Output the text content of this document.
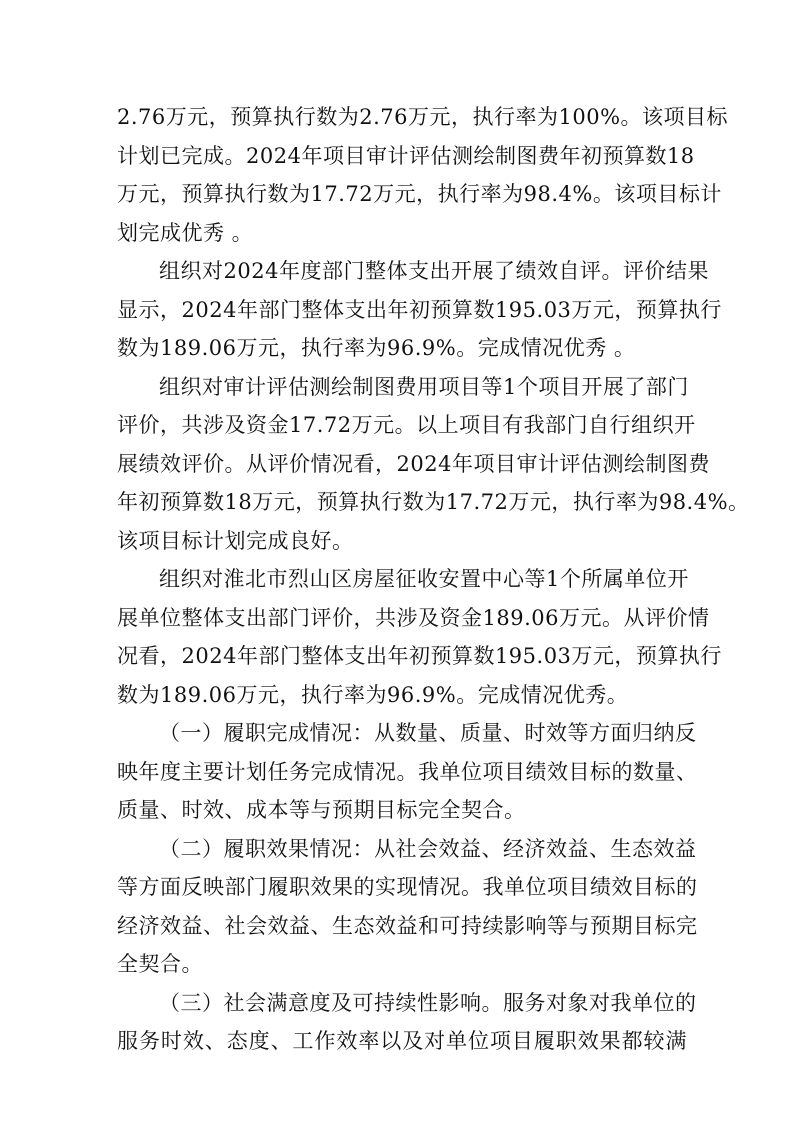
2.76万元，预算执行数为2.76万元，执行率为100%。该项目标
计划已完成。2024年项目审计评估测绘制图费年初预算数18
万元，预算执行数为17.72万元，执行率为98.4%。该项目标计
划完成优秀 。

组织对2024年度部门整体支出开展了绩效自评。评价结果
显示，2024年部门整体支出年初预算数195.03万元，预算执行
数为189.06万元，执行率为96.9%。完成情况优秀 。

组织对审计评估测绘制图费用项目等1个项目开展了部门
评价，共涉及资金17.72万元。以上项目有我部门自行组织开
展绩效评价。从评价情况看，2024年项目审计评估测绘制图费
年初预算数18万元，预算执行数为17.72万元，执行率为98.4%。
该项目标计划完成良好。

组织对淮北市烈山区房屋征收安置中心等1个所属单位开
展单位整体支出部门评价，共涉及资金189.06万元。从评价情
况看，2024年部门整体支出年初预算数195.03万元，预算执行
数为189.06万元，执行率为96.9%。完成情况优秀。

（一）履职完成情况：从数量、质量、时效等方面归纳反
映年度主要计划任务完成情况。我单位项目绩效目标的数量、
质量、时效、成本等与预期目标完全契合。

（二）履职效果情况：从社会效益、经济效益、生态效益
等方面反映部门履职效果的实现情况。我单位项目绩效目标的
经济效益、社会效益、生态效益和可持续影响等与预期目标完
全契合。

（三）社会满意度及可持续性影响。服务对象对我单位的
服务时效、态度、工作效率以及对单位项目履职效果都较满
